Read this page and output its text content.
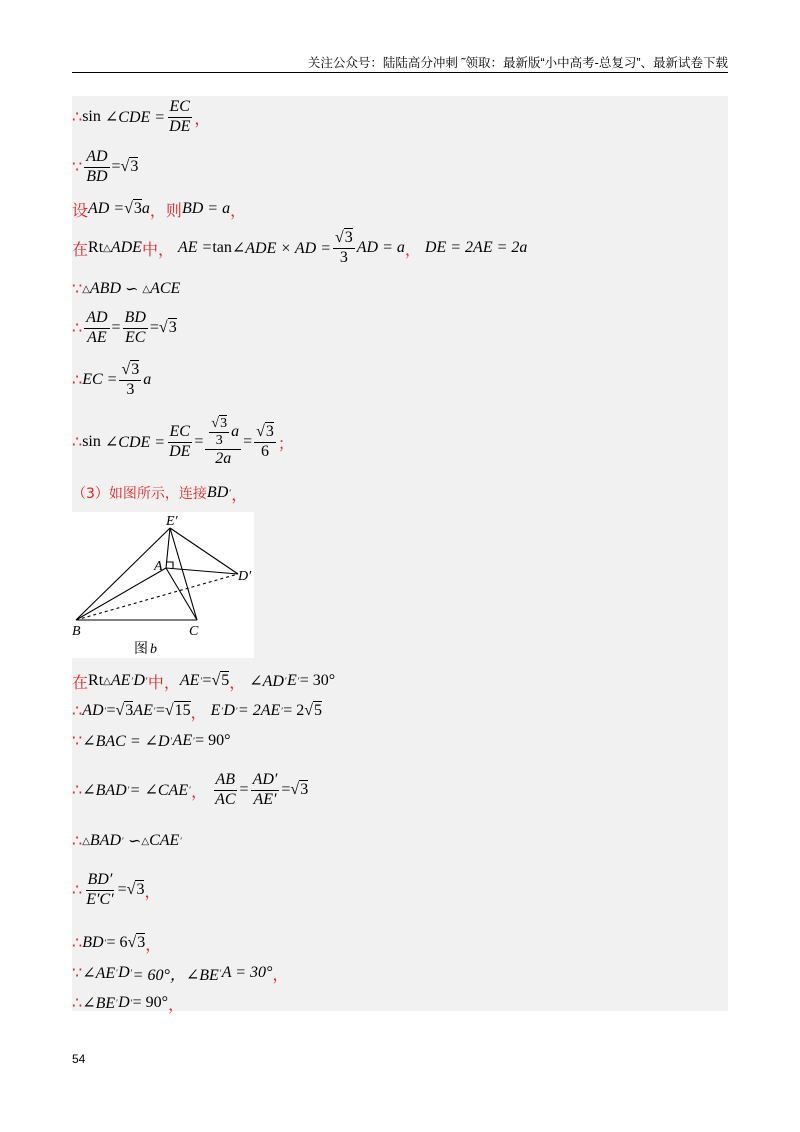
关注公众号：陆陆高分冲刺 ˜领取：最新版“小中高考-总复习”、最新试卷下载
∴ sin
∠CDE = $\frac{EC}{DE}$ ，
∵ $\frac{AD}{BD} = √3$
设 AD = √3 a ，则 BD = a ，
在 Rt △ ADE 中，
AE = tan ∠ADE × AD = $\frac{√3}{3}$ AD = a ，
DE = 2AE = 2a
∵ △ ABD
∽
△ ACE
∴ $\frac{AD}{AE} = \frac{BD}{EC} = √3$
∴ EC = $\frac{√3}{3}$ a
∴ sin
∠CDE = $\frac{EC}{DE} = \frac{\frac{√3}{3} a}{2a} = \frac{√3}{6}$ ；
（3）如图所示，连接 BD ′ ，
E′
A
D′
B	C
图 b
在 Rt △ AE ′ D ′ 中， AE ′ = √5 ，
∠AD ′ E ′ = 30°
∴ AD ′ = √3 AE ′ = √15 ，
E ′ D ′ = 2AE ′ = 2 √5
∵ ∠BAC = ∠D ′ AE ′ = 90°
∴ ∠BAD ′ = ∠CAE ′ ，
$\frac{AB}{AC} = \frac{AD'}{AE'} = √3$
∴ △ BAD ′
∽ △ CAE ′
∴ $\frac{BD'}{E'C'} = √3$ ，
∴ BD ′ = 6 √3 ，
∵ ∠AE ′ D ′ = 60°，∠BE ′ A = 30° ，
∴ ∠BE ′ D ′ = 90° ，
54
